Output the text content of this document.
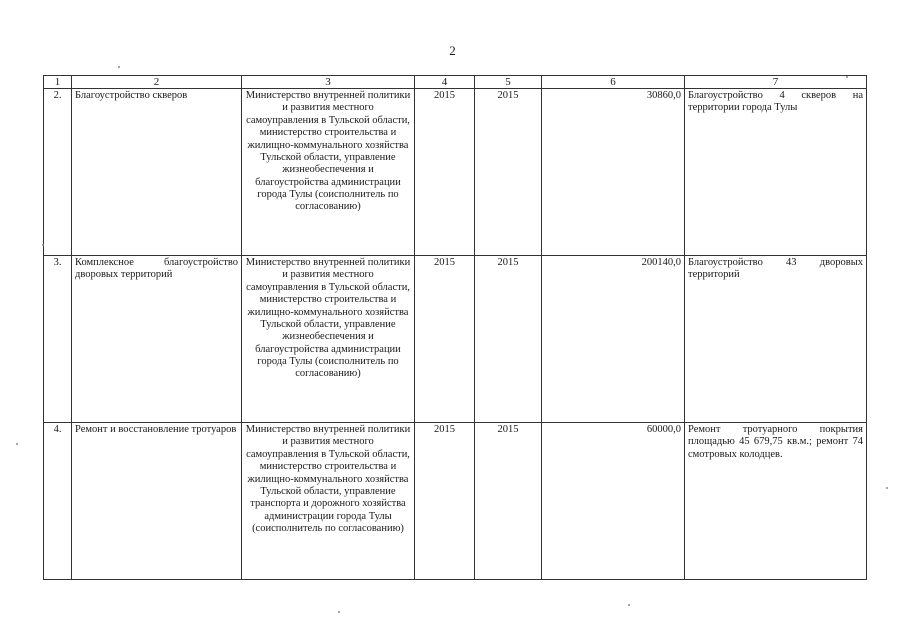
2
1	2	3	4	5	6	7
2.	Благоустройство скверов	Министерство внутренней политики и развития местного самоуправления в Тульской области, министерство строительства и жилищно-коммунального хозяйства Тульской области, управление жизнеобеспечения и благоустройства администрации города Тулы (соисполнитель по согласованию)	2015	2015	30860,0	Благоустройство 4 скверов на территории города Тулы
3.	Комплексное благоустройство дворовых территорий	Министерство внутренней политики и развития местного самоуправления в Тульской области, министерство строительства и жилищно-коммунального хозяйства Тульской области, управление жизнеобеспечения и благоустройства администрации города Тулы (соисполнитель по согласованию)	2015	2015	200140,0	Благоустройство 43 дворовых территорий
4.	Ремонт и восстановление тротуаров	Министерство внутренней политики и развития местного самоуправления в Тульской области, министерство строительства и жилищно-коммунального хозяйства Тульской области, управление транспорта и дорожного хозяйства администрации города Тулы (соисполнитель по согласованию)	2015	2015	60000,0	Ремонт тротуарного покрытия площадью 45 679,75 кв.м.; ремонт 74 смотровых колодцев.
